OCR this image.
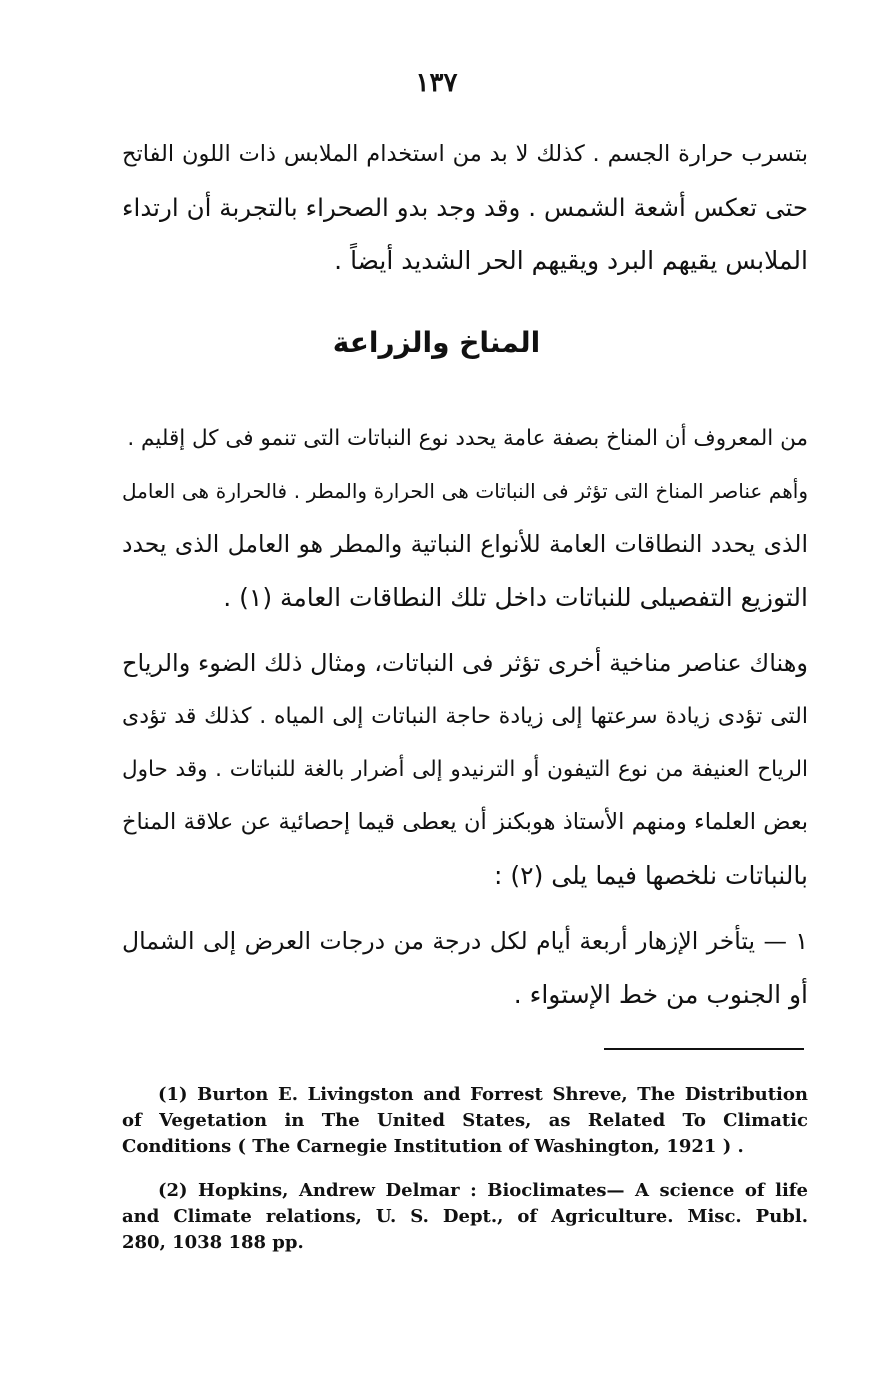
١٣٧
بتسرب حرارة الجسم . كذلك لا بد من استخدام الملابس ذات اللون الفاتح
حتى تعكس أشعة الشمس . وقد وجد بدو الصحراء بالتجربة أن ارتداء
الملابس يقيهم البرد ويقيهم الحر الشديد أيضاً .
المناخ والزراعة
من المعروف أن المناخ بصفة عامة يحدد نوع النباتات التى تنمو فى كل إقليم .
وأهم عناصر المناخ التى تؤثر فى النباتات هى الحرارة والمطر . فالحرارة هى العامل
الذى يحدد النطاقات العامة للأنواع النباتية والمطر هو العامل الذى يحدد
التوزيع التفصيلى للنباتات داخل تلك النطاقات العامة (١) .
وهناك عناصر مناخية أخرى تؤثر فى النباتات، ومثال ذلك الضوء والرياح
التى تؤدى زيادة سرعتها إلى زيادة حاجة النباتات إلى المياه . كذلك قد تؤدى
الرياح العنيفة من نوع التيفون أو الترنيدو إلى أضرار بالغة للنباتات . وقد حاول
بعض العلماء ومنهم الأستاذ هوبكنز أن يعطى قيما إحصائية عن علاقة المناخ
بالنباتات نلخصها فيما يلى (٢) :
١ — يتأخر الإزهار أربعة أيام لكل درجة من درجات العرض إلى الشمال
أو الجنوب من خط الإستواء .
(1) Burton E. Livingston and Forrest Shreve, The Distribution
of Vegetation in The United States, as Related To Climatic
Conditions ( The Carnegie Institution of Washington, 1921 ) .
(2) Hopkins, Andrew Delmar : Bioclimates— A science of life
and Climate relations, U. S. Dept., of Agriculture. Misc. Publ.
280, 1038 188 pp.
